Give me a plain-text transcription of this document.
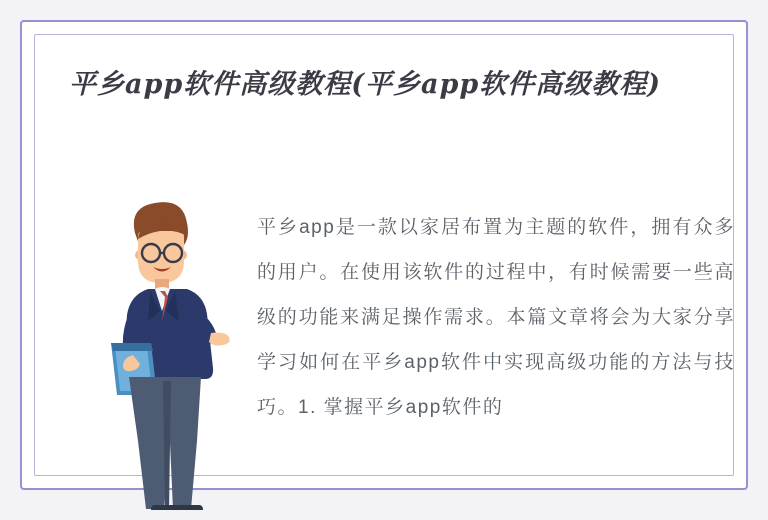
平乡app软件高级教程(平乡app软件高级教程)
平乡app是一款以家居布置为主题的软件，拥有众多的用户。在使用该软件的过程中，有时候需要一些高级的功能来满足操作需求。本篇文章将会为大家分享学习如何在平乡app软件中实现高级功能的方法与技巧。1. 掌握平乡app软件的
